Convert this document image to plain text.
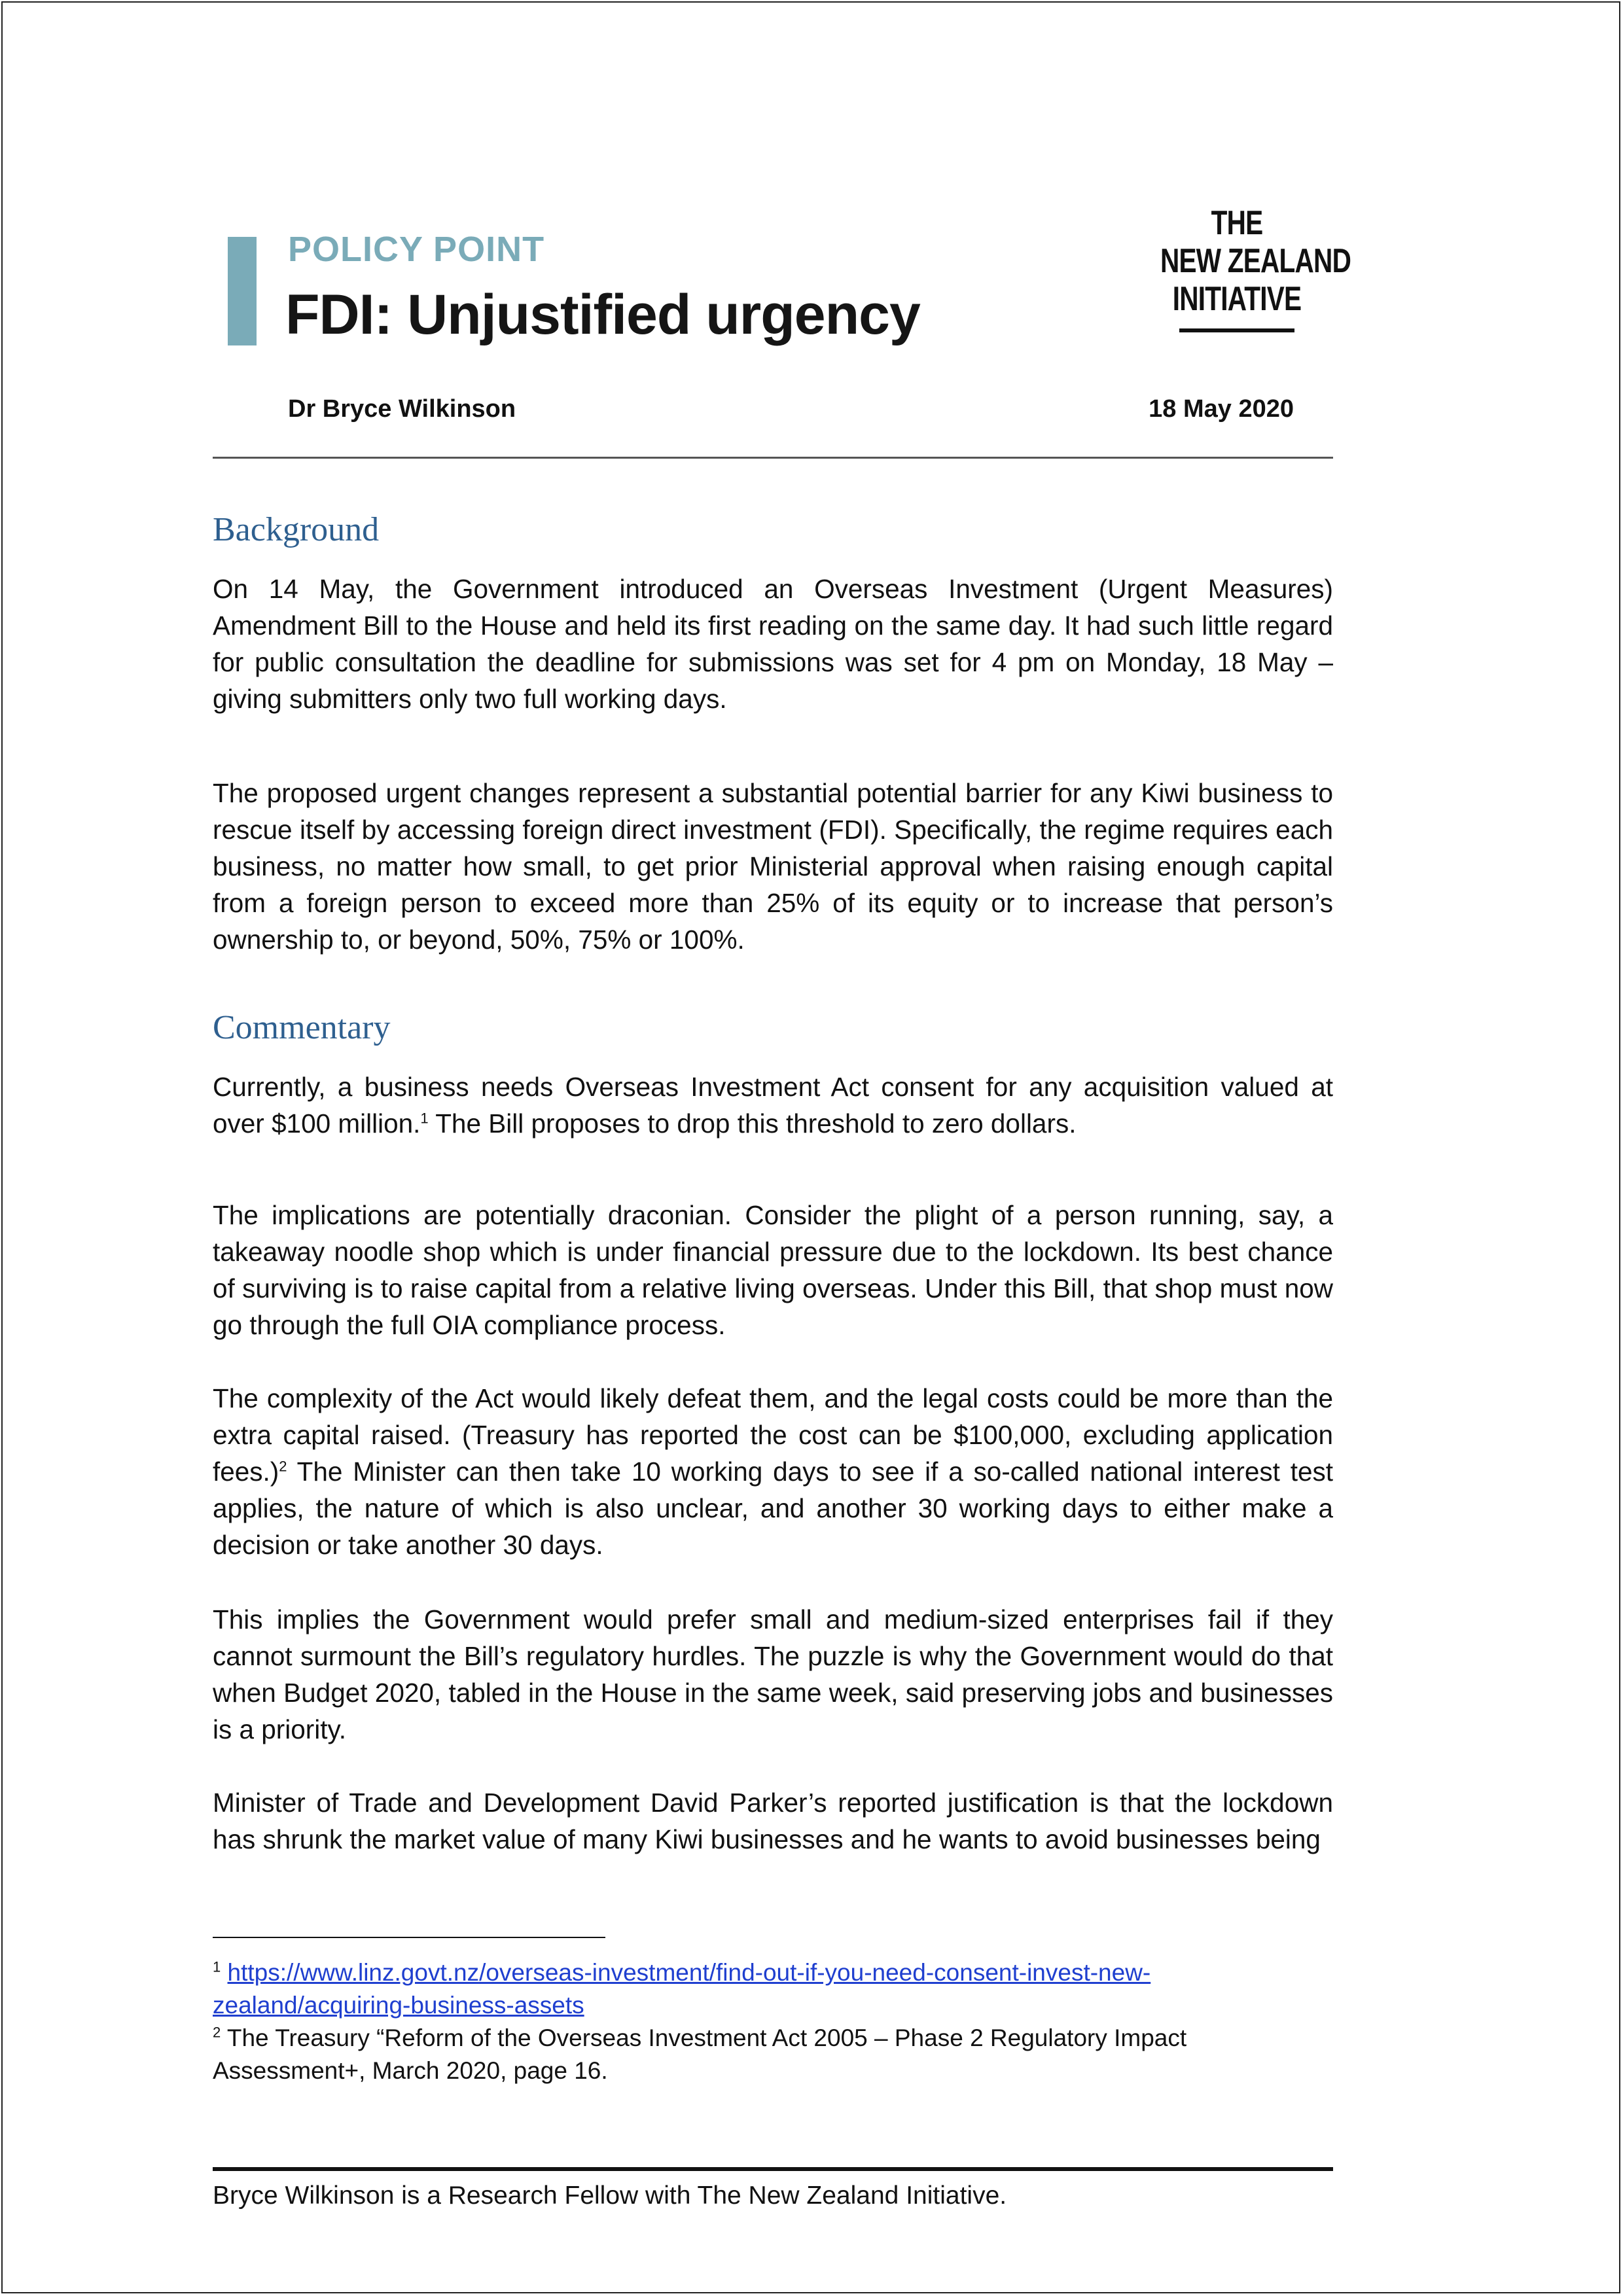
POLICY POINT
FDI: Unjustified urgency
THE
NEW ZEALAND
INITIATIVE
Dr Bryce Wilkinson	18 May 2020
Background

On 14 May, the Government introduced an Overseas Investment (Urgent Measures) Amendment Bill to the House and held its first reading on the same day. It had such little regard for public consultation the deadline for submissions was set for 4 pm on Monday, 18 May – giving submitters only two full working days.

The proposed urgent changes represent a substantial potential barrier for any Kiwi business to rescue itself by accessing foreign direct investment (FDI). Specifically, the regime requires each business, no matter how small, to get prior Ministerial approval when raising enough capital from a foreign person to exceed more than 25% of its equity or to increase that person’s ownership to, or beyond, 50%, 75% or 100%.

Commentary

Currently, a business needs Overseas Investment Act consent for any acquisition valued at over $100 million.$^1$ The Bill proposes to drop this threshold to zero dollars.

The implications are potentially draconian. Consider the plight of a person running, say, a takeaway noodle shop which is under financial pressure due to the lockdown. Its best chance of surviving is to raise capital from a relative living overseas. Under this Bill, that shop must now go through the full OIA compliance process.

The complexity of the Act would likely defeat them, and the legal costs could be more than the extra capital raised. (Treasury has reported the cost can be $100,000, excluding application fees.)$^2$ The Minister can then take 10 working days to see if a so-called national interest test applies, the nature of which is also unclear, and another 30 working days to either make a decision or take another 30 days.

This implies the Government would prefer small and medium-sized enterprises fail if they cannot surmount the Bill’s regulatory hurdles. The puzzle is why the Government would do that when Budget 2020, tabled in the House in the same week, said preserving jobs and businesses is a priority.

Minister of Trade and Development David Parker’s reported justification is that the lockdown has shrunk the market value of many Kiwi businesses and he wants to avoid businesses being

$^1$ https://www.linz.govt.nz/overseas-investment/find-out-if-you-need-consent-invest-new-zealand/acquiring-business-assets
$^2$ The Treasury “Reform of the Overseas Investment Act 2005 – Phase 2 Regulatory Impact Assessment+, March 2020, page 16.
Bryce Wilkinson is a Research Fellow with The New Zealand Initiative.
